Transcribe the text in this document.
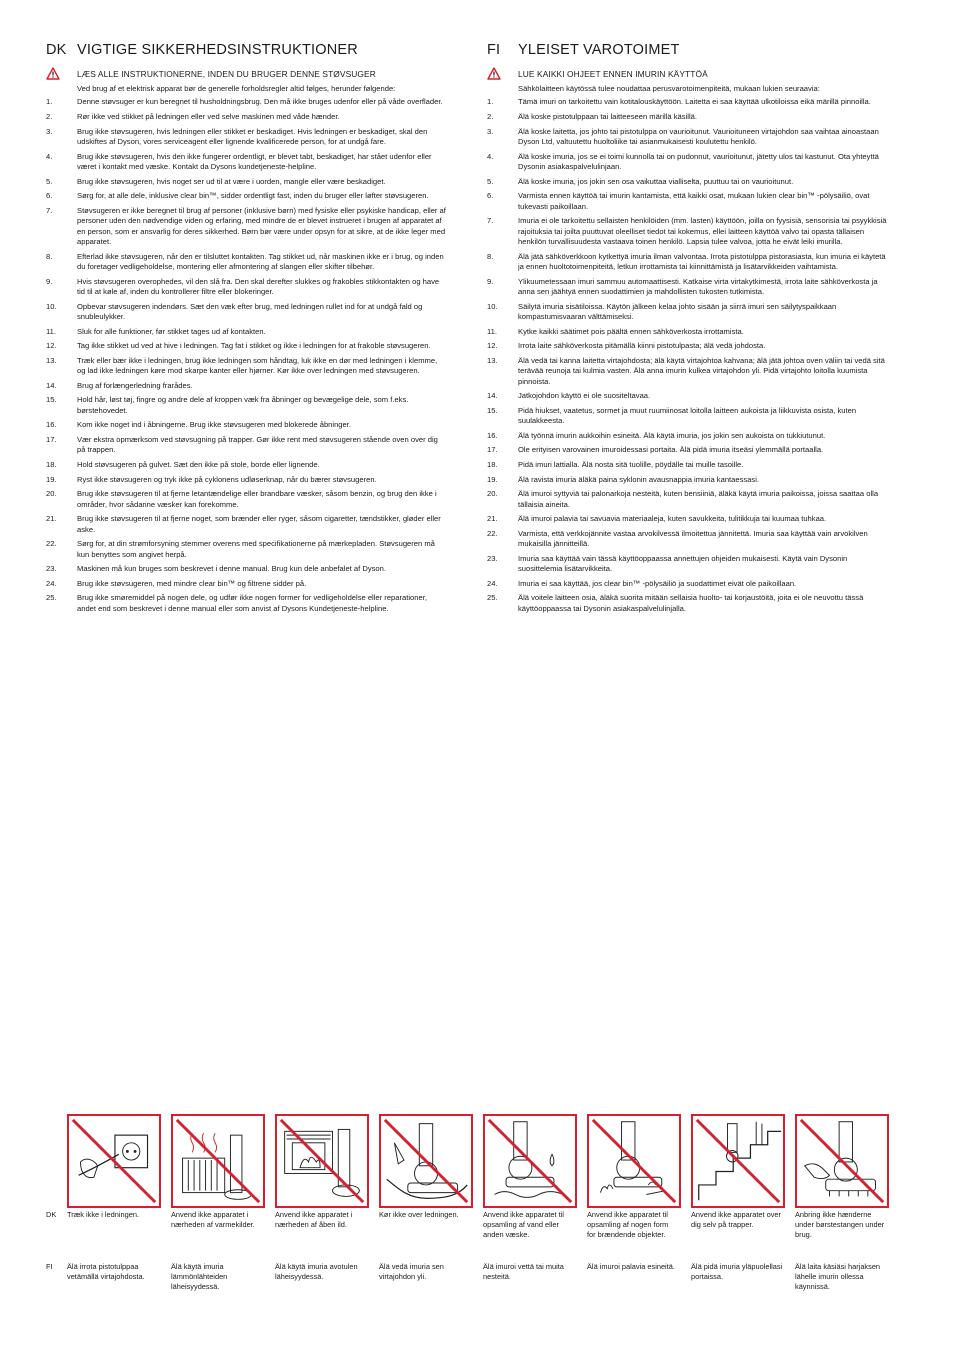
DK VIGTIGE SIKKERHEDSINSTRUKTIONER
LÆS ALLE INSTRUKTIONERNE, INDEN DU BRUGER DENNE STØVSUGER
Ved brug af et elektrisk apparat bør de generelle forholdsregler altid følges, herunder følgende:
1.	Denne støvsuger er kun beregnet til husholdningsbrug. Den må ikke bruges udenfor eller på våde overflader.
2.	Rør ikke ved stikket på ledningen eller ved selve maskinen med våde hænder.
3.	Brug ikke støvsugeren, hvis ledningen eller stikket er beskadiget. Hvis ledningen er beskadiget, skal den udskiftes af Dyson, vores serviceagent eller lignende kvalificerede person, for at undgå fare.
4.	Brug ikke støvsugeren, hvis den ikke fungerer ordentligt, er blevet tabt, beskadiget, har stået udenfor eller været i kontakt med væske. Kontakt da Dysons kundetjeneste-helpline.
5.	Brug ikke støvsugeren, hvis noget ser ud til at være i uorden, mangle eller være beskadiget.
6.	Sørg for, at alle dele, inklusive clear bin™, sidder ordentligt fast, inden du bruger eller løfter støvsugeren.
7.	Støvsugeren er ikke beregnet til brug af personer (inklusive børn) med fysiske eller psykiske handicap, eller af personer uden den nødvendige viden og erfaring, med mindre de er blevet instrueret i brugen af apparatet af en person, som er ansvarlig for deres sikkerhed. Børn bør være under opsyn for at sikre, at de ikke leger med apparatet.
8.	Efterlad ikke støvsugeren, når den er tilsluttet kontakten. Tag stikket ud, når maskinen ikke er i brug, og inden du foretager vedligeholdelse, montering eller afmontering af slangen eller skifter tilbehør.
9.	Hvis støvsugeren overophedes, vil den slå fra. Den skal derefter slukkes og frakobles stikkontakten og have tid til at køle af, inden du kontrollerer filtre eller blokeringer.
10.	Opbevar støvsugeren indendørs. Sæt den væk efter brug, med ledningen rullet ind for at undgå fald og snubleulykker.
11.	Sluk for alle funktioner, før stikket tages ud af kontakten.
12.	Tag ikke stikket ud ved at hive i ledningen. Tag fat i stikket og ikke i ledningen for at frakoble støvsugeren.
13.	Træk eller bær ikke i ledningen, brug ikke ledningen som håndtag, luk ikke en dør med ledningen i klemme, og lad ikke ledningen køre mod skarpe kanter eller hjørner. Kør ikke over ledningen med støvsugeren.
14.	Brug af forlængerledning frarådes.
15.	Hold hår, løst tøj, fingre og andre dele af kroppen væk fra åbninger og bevægelige dele, som f.eks. børstehovedet.
16.	Kom ikke noget ind i åbningerne. Brug ikke støvsugeren med blokerede åbninger.
17.	Vær ekstra opmærksom ved støvsugning på trapper. Gør ikke rent med støvsugeren stående oven over dig på trappen.
18.	Hold støvsugeren på gulvet. Sæt den ikke på stole, borde eller lignende.
19.	Ryst ikke støvsugeren og tryk ikke på cyklonens udløserknap, når du bærer støvsugeren.
20.	Brug ikke støvsugeren til at fjerne letantændelige eller brandbare væsker, såsom benzin, og brug den ikke i områder, hvor sådanne væsker kan forekomme.
21.	Brug ikke støvsugeren til at fjerne noget, som brænder eller ryger, såsom cigaretter, tændstikker, gløder eller aske.
22.	Sørg for, at din strømforsyning stemmer overens med specifikationerne på mærkepladen. Støvsugeren må kun benyttes som angivet herpå.
23.	Maskinen må kun bruges som beskrevet i denne manual. Brug kun dele anbefalet af Dyson.
24.	Brug ikke støvsugeren, med mindre clear bin™ og filtrene sidder på.
25.	Brug ikke smøremiddel på nogen dele, og udfør ikke nogen former for vedligeholdelse eller reparationer, andet end som beskrevet i denne manual eller som anvist af Dysons Kundetjeneste-helpline.
FI	YLEISET VAROTOIMET
LUE KAIKKI OHJEET ENNEN IMURIN KÄYTTÖÄ
Sähkölaitteen käytössä tulee noudattaa perusvarotoimenpiteitä, mukaan lukien seuraavia:
1.	Tämä imuri on tarkoitettu vain kotitalouskäyttöön. Laitetta ei saa käyttää ulkotiloissa eikä märillä pinnoilla.
2.	Älä koske pistotulppaan tai laitteeseen märillä käsillä.
3.	Älä koske laitetta, jos johto tai pistotulppa on vaurioitunut. Vaurioituneen virtajohdon saa vaihtaa ainoastaan Dyson Ltd, valtuutettu huoltoliike tai asianmukaisesti koulutettu henkilö.
4.	Älä koske imuria, jos se ei toimi kunnolla tai on pudonnut, vaurioitunut, jätetty ulos tai kastunut. Ota yhteyttä Dysonin asiakaspalvelulinjaan.
5.	Älä koske imuria, jos jokin sen osa vaikuttaa vialliselta, puuttuu tai on vaurioitunut.
6.	Varmista ennen käyttöä tai imurin kantamista, että kaikki osat, mukaan lukien clear bin™ -pölysäiliö, ovat tukevasti paikoillaan.
7.	Imuria ei ole tarkoitettu sellaisten henkilöiden (mm. lasten) käyttöön, joilla on fyysisiä, sensorisia tai psyykkisiä rajoituksia tai joilta puuttuvat oleelliset tiedot tai kokemus, ellei laitteen käyttöä valvo tai opasta tällaisen henkilön turvallisuudesta vastaava toinen henkilö. Lapsia tulee valvoa, jotta he eivät leiki imurilla.
8.	Älä jätä sähköverkkoon kytkettyä imuria ilman valvontaa. Irrota pistotulppa pistorasiasta, kun imuria ei käytetä ja ennen huoltotoimenpiteitä, letkun irrottamista tai kiinnittämistä ja lisätarvikkeiden vaihtamista.
9.	Ylikuumetessaan imuri sammuu automaattisesti. Katkaise virta virtakytkimestä, irrota laite sähköverkosta ja anna sen jäähtyä ennen suodattimien ja mahdollisten tukosten tutkimista.
10.	Säilytä imuria sisätiloissa. Käytön jälkeen kelaa johto sisään ja siirrä imuri sen säilytyspaikkaan kompastumisvaaran välttämiseksi.
11.	Kytke kaikki säätimet pois päältä ennen sähköverkosta irrottamista.
12.	Irrota laite sähköverkosta pitämällä kiinni pistotulpasta; älä vedä johdosta.
13.	Älä vedä tai kanna laitetta virtajohdosta; älä käytä virtajohtoa kahvana; älä jätä johtoa oven väliin tai vedä sitä terävää reunoja tai kulmia vasten. Älä anna imurin kulkea virtajohdon yli. Pidä virtajohto loitolla kuumista pinnoista.
14.	Jatkojohdon käyttö ei ole suositeltavaa.
15.	Pidä hiukset, vaatetus, sormet ja muut ruumiinosat loitolla laitteen aukoista ja liikkuvista osista, kuten suulakkeesta.
16.	Älä työnnä imurin aukkoihin esineitä. Älä käytä imuria, jos jokin sen aukoista on tukkiutunut.
17.	Ole erityisen varovainen imuroidessasi portaita. Älä pidä imuria itseäsi ylemmällä portaalla.
18.	Pidä imuri lattialla. Älä nosta sitä tuolille, pöydälle tai muille tasoille.
19.	Älä ravista imuria äläkä paina syklonin avausnappia imuria kantaessasi.
20.	Älä imuroi syttyviä tai palonarkoja nesteitä, kuten bensiiniä, äläkä käytä imuria paikoissa, joissa saattaa olla tällaisia aineita.
21.	Älä imuroi palavia tai savuavia materiaaleja, kuten savukkeita, tulitikkuja tai kuumaa tuhkaa.
22.	Varmista, että verkkojännite vastaa arvokilvessä ilmoitettua jännitettä. Imuria saa käyttää vain arvokilven mukaisilla jännitteillä.
23.	Imuria saa käyttää vain tässä käyttöoppaassa annettujen ohjeiden mukaisesti. Käytä vain Dysonin suosittelemia lisätarvikkeita.
24.	Imuria ei saa käyttää, jos clear bin™ -pölysäiliö ja suodattimet eivät ole paikoillaan.
25.	Älä voitele laitteen osia, äläkä suorita mitään sellaisia huolto- tai korjaustöitä, joita ei ole neuvottu tässä käyttöoppaassa tai Dysonin asiakaspalvelulinjalla.
DK Træk ikke i ledningen.	Anvend ikke apparatet i nærheden af varmekilder.
Anvend ikke apparatet i nærheden af åben ild.
Kør ikke over ledningen.	Anvend ikke apparatet til opsamling af vand eller anden væske.
Anvend ikke apparatet til opsamling af nogen form for brændende objekter.
Anvend ikke apparatet over dig selv på trapper.
Anbring ikke hænderne under børstestangen under brug.
FI Älä irrota pistotulppaa vetämällä virtajohdosta.
Älä käytä imuria lämmönlähteiden läheisyydessä.
Älä käytä imuria avotulen läheisyydessä.
Älä vedä imuria sen virtajohdon yli.
Älä imuroi vettä tai muita nesteitä.
Älä imuroi palavia esineitä.	Älä pidä imuria yläpuolellasi portaissa.
Älä laita käsiäsi harjaksen lähelle imurin ollessa käynnissä.
